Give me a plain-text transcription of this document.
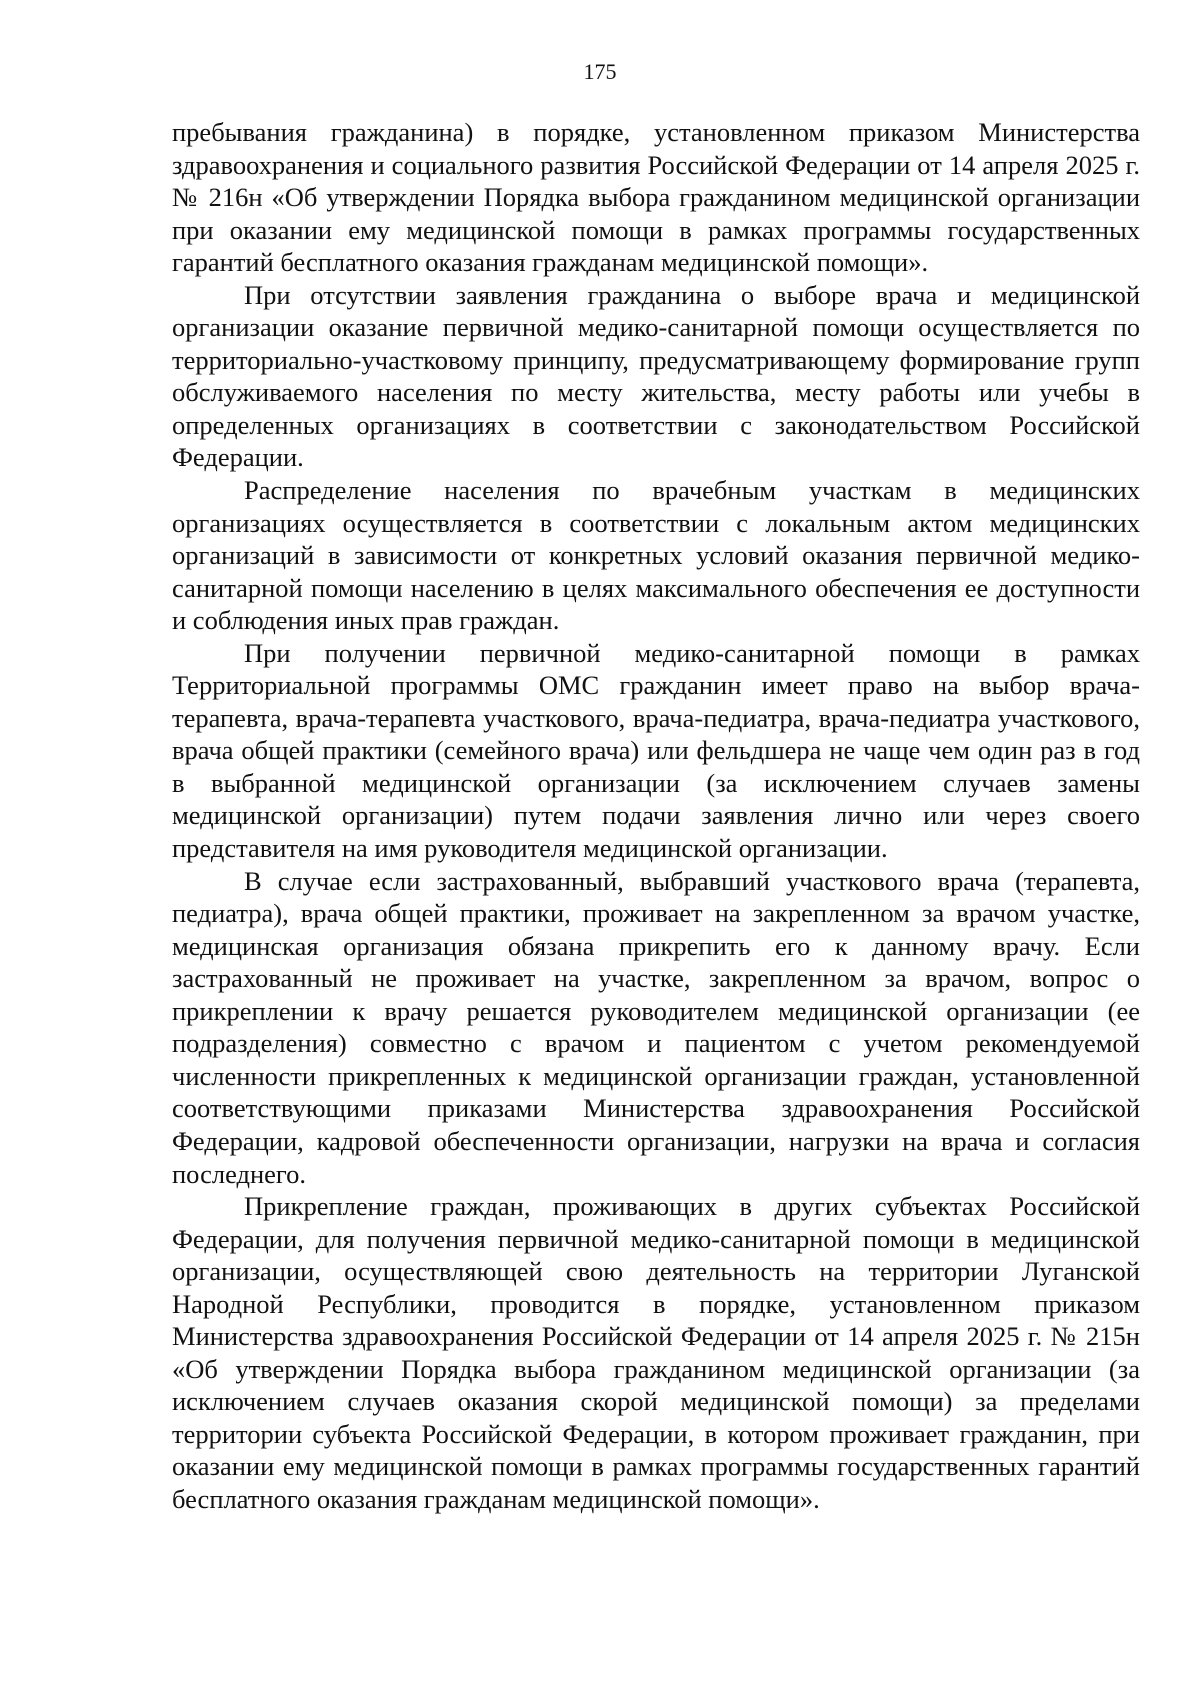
175

пребывания гражданина) в порядке, установленном приказом Министерства здравоохранения и социального развития Российской Федерации от 14 апреля 2025 г. № 216н «Об утверждении Порядка выбора гражданином медицинской организации при оказании ему медицинской помощи в рамках программы государственных гарантий бесплатного оказания гражданам медицинской помощи».

При отсутствии заявления гражданина о выборе врача и медицинской организации оказание первичной медико-санитарной помощи осуществляется по территориально-участковому принципу, предусматривающему формирование групп обслуживаемого населения по месту жительства, месту работы или учебы в определенных организациях в соответствии с законодательством Российской Федерации.

Распределение населения по врачебным участкам в медицинских организациях осуществляется в соответствии с локальным актом медицинских организаций в зависимости от конкретных условий оказания первичной медико-санитарной помощи населению в целях максимального обеспечения ее доступности и соблюдения иных прав граждан.

При получении первичной медико-санитарной помощи в рамках Территориальной программы ОМС гражданин имеет право на выбор врача-терапевта, врача-терапевта участкового, врача-педиатра, врача-педиатра участкового, врача общей практики (семейного врача) или фельдшера не чаще чем один раз в год в выбранной медицинской организации (за исключением случаев замены медицинской организации) путем подачи заявления лично или через своего представителя на имя руководителя медицинской организации.

В случае если застрахованный, выбравший участкового врача (терапевта, педиатра), врача общей практики, проживает на закрепленном за врачом участке, медицинская организация обязана прикрепить его к данному врачу. Если застрахованный не проживает на участке, закрепленном за врачом, вопрос о прикреплении к врачу решается руководителем медицинской организации (ее подразделения) совместно с врачом и пациентом с учетом рекомендуемой численности прикрепленных к медицинской организации граждан, установленной соответствующими приказами Министерства здравоохранения Российской Федерации, кадровой обеспеченности организации, нагрузки на врача и согласия последнего.

Прикрепление граждан, проживающих в других субъектах Российской Федерации, для получения первичной медико-санитарной помощи в медицинской организации, осуществляющей свою деятельность на территории Луганской Народной Республики, проводится в порядке, установленном приказом Министерства здравоохранения Российской Федерации от 14 апреля 2025 г. № 215н «Об утверждении Порядка выбора гражданином медицинской организации (за исключением случаев оказания скорой медицинской помощи) за пределами территории субъекта Российской Федерации, в котором проживает гражданин, при оказании ему медицинской помощи в рамках программы государственных гарантий бесплатного оказания гражданам медицинской помощи».
